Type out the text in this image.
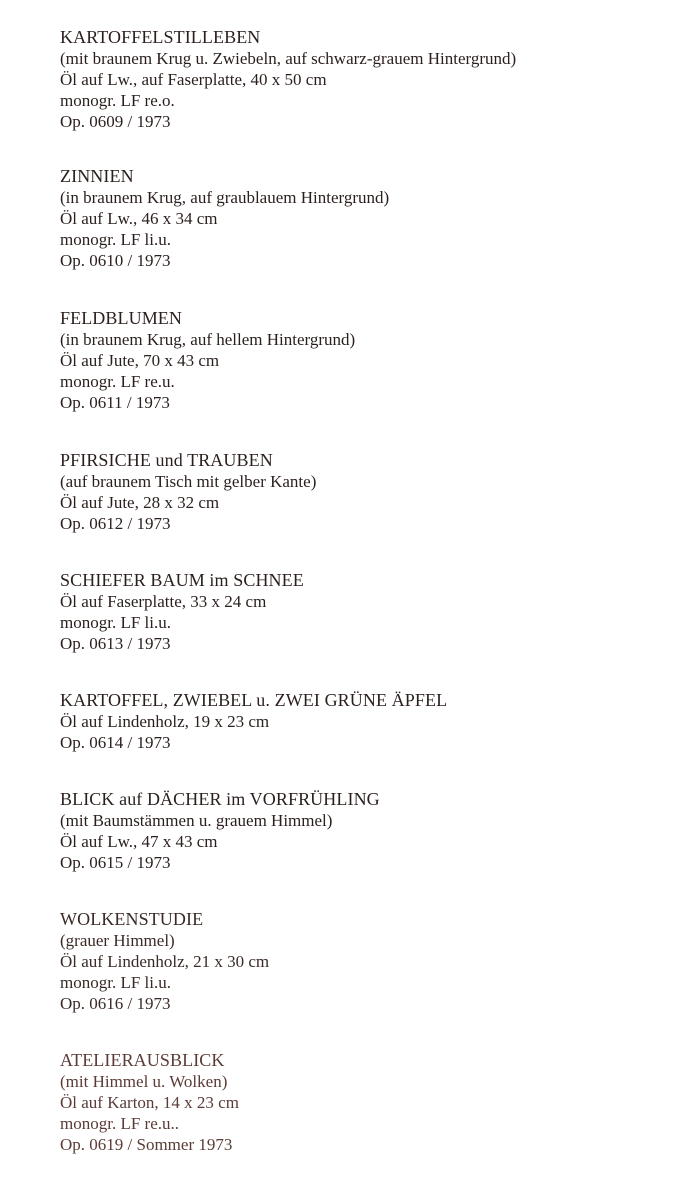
KARTOFFELSTILLEBEN
(mit braunem Krug u. Zwiebeln, auf schwarz-grauem Hintergrund)
Öl auf Lw., auf Faserplatte, 40 x 50 cm
monogr. LF re.o.
Op. 0609 / 1973
ZINNIEN
(in braunem Krug, auf graublauem Hintergrund)
Öl auf Lw., 46 x 34 cm
monogr. LF li.u.
Op. 0610 / 1973
FELDBLUMEN
(in braunem Krug, auf hellem Hintergrund)
Öl auf Jute, 70 x 43 cm
monogr. LF re.u.
Op. 0611 / 1973
PFIRSICHE und TRAUBEN
(auf braunem Tisch mit gelber Kante)
Öl auf Jute, 28 x 32 cm
Op. 0612 / 1973
SCHIEFER BAUM im SCHNEE
Öl auf Faserplatte, 33 x 24 cm
monogr. LF li.u.
Op. 0613 / 1973
KARTOFFEL, ZWIEBEL u. ZWEI GRÜNE ÄPFEL
Öl auf Lindenholz, 19 x 23 cm
Op. 0614 / 1973
BLICK auf DÄCHER im VORFRÜHLING
(mit Baumstämmen u. grauem Himmel)
Öl auf Lw., 47 x 43 cm
Op. 0615 / 1973
WOLKENSTUDIE
(grauer Himmel)
Öl auf Lindenholz, 21 x 30 cm
monogr. LF li.u.
Op. 0616 / 1973
ATELIERAUSBLICK
(mit Himmel u. Wolken)
Öl auf Karton, 14 x 23 cm
monogr. LF re.u..
Op. 0619 / Sommer 1973
